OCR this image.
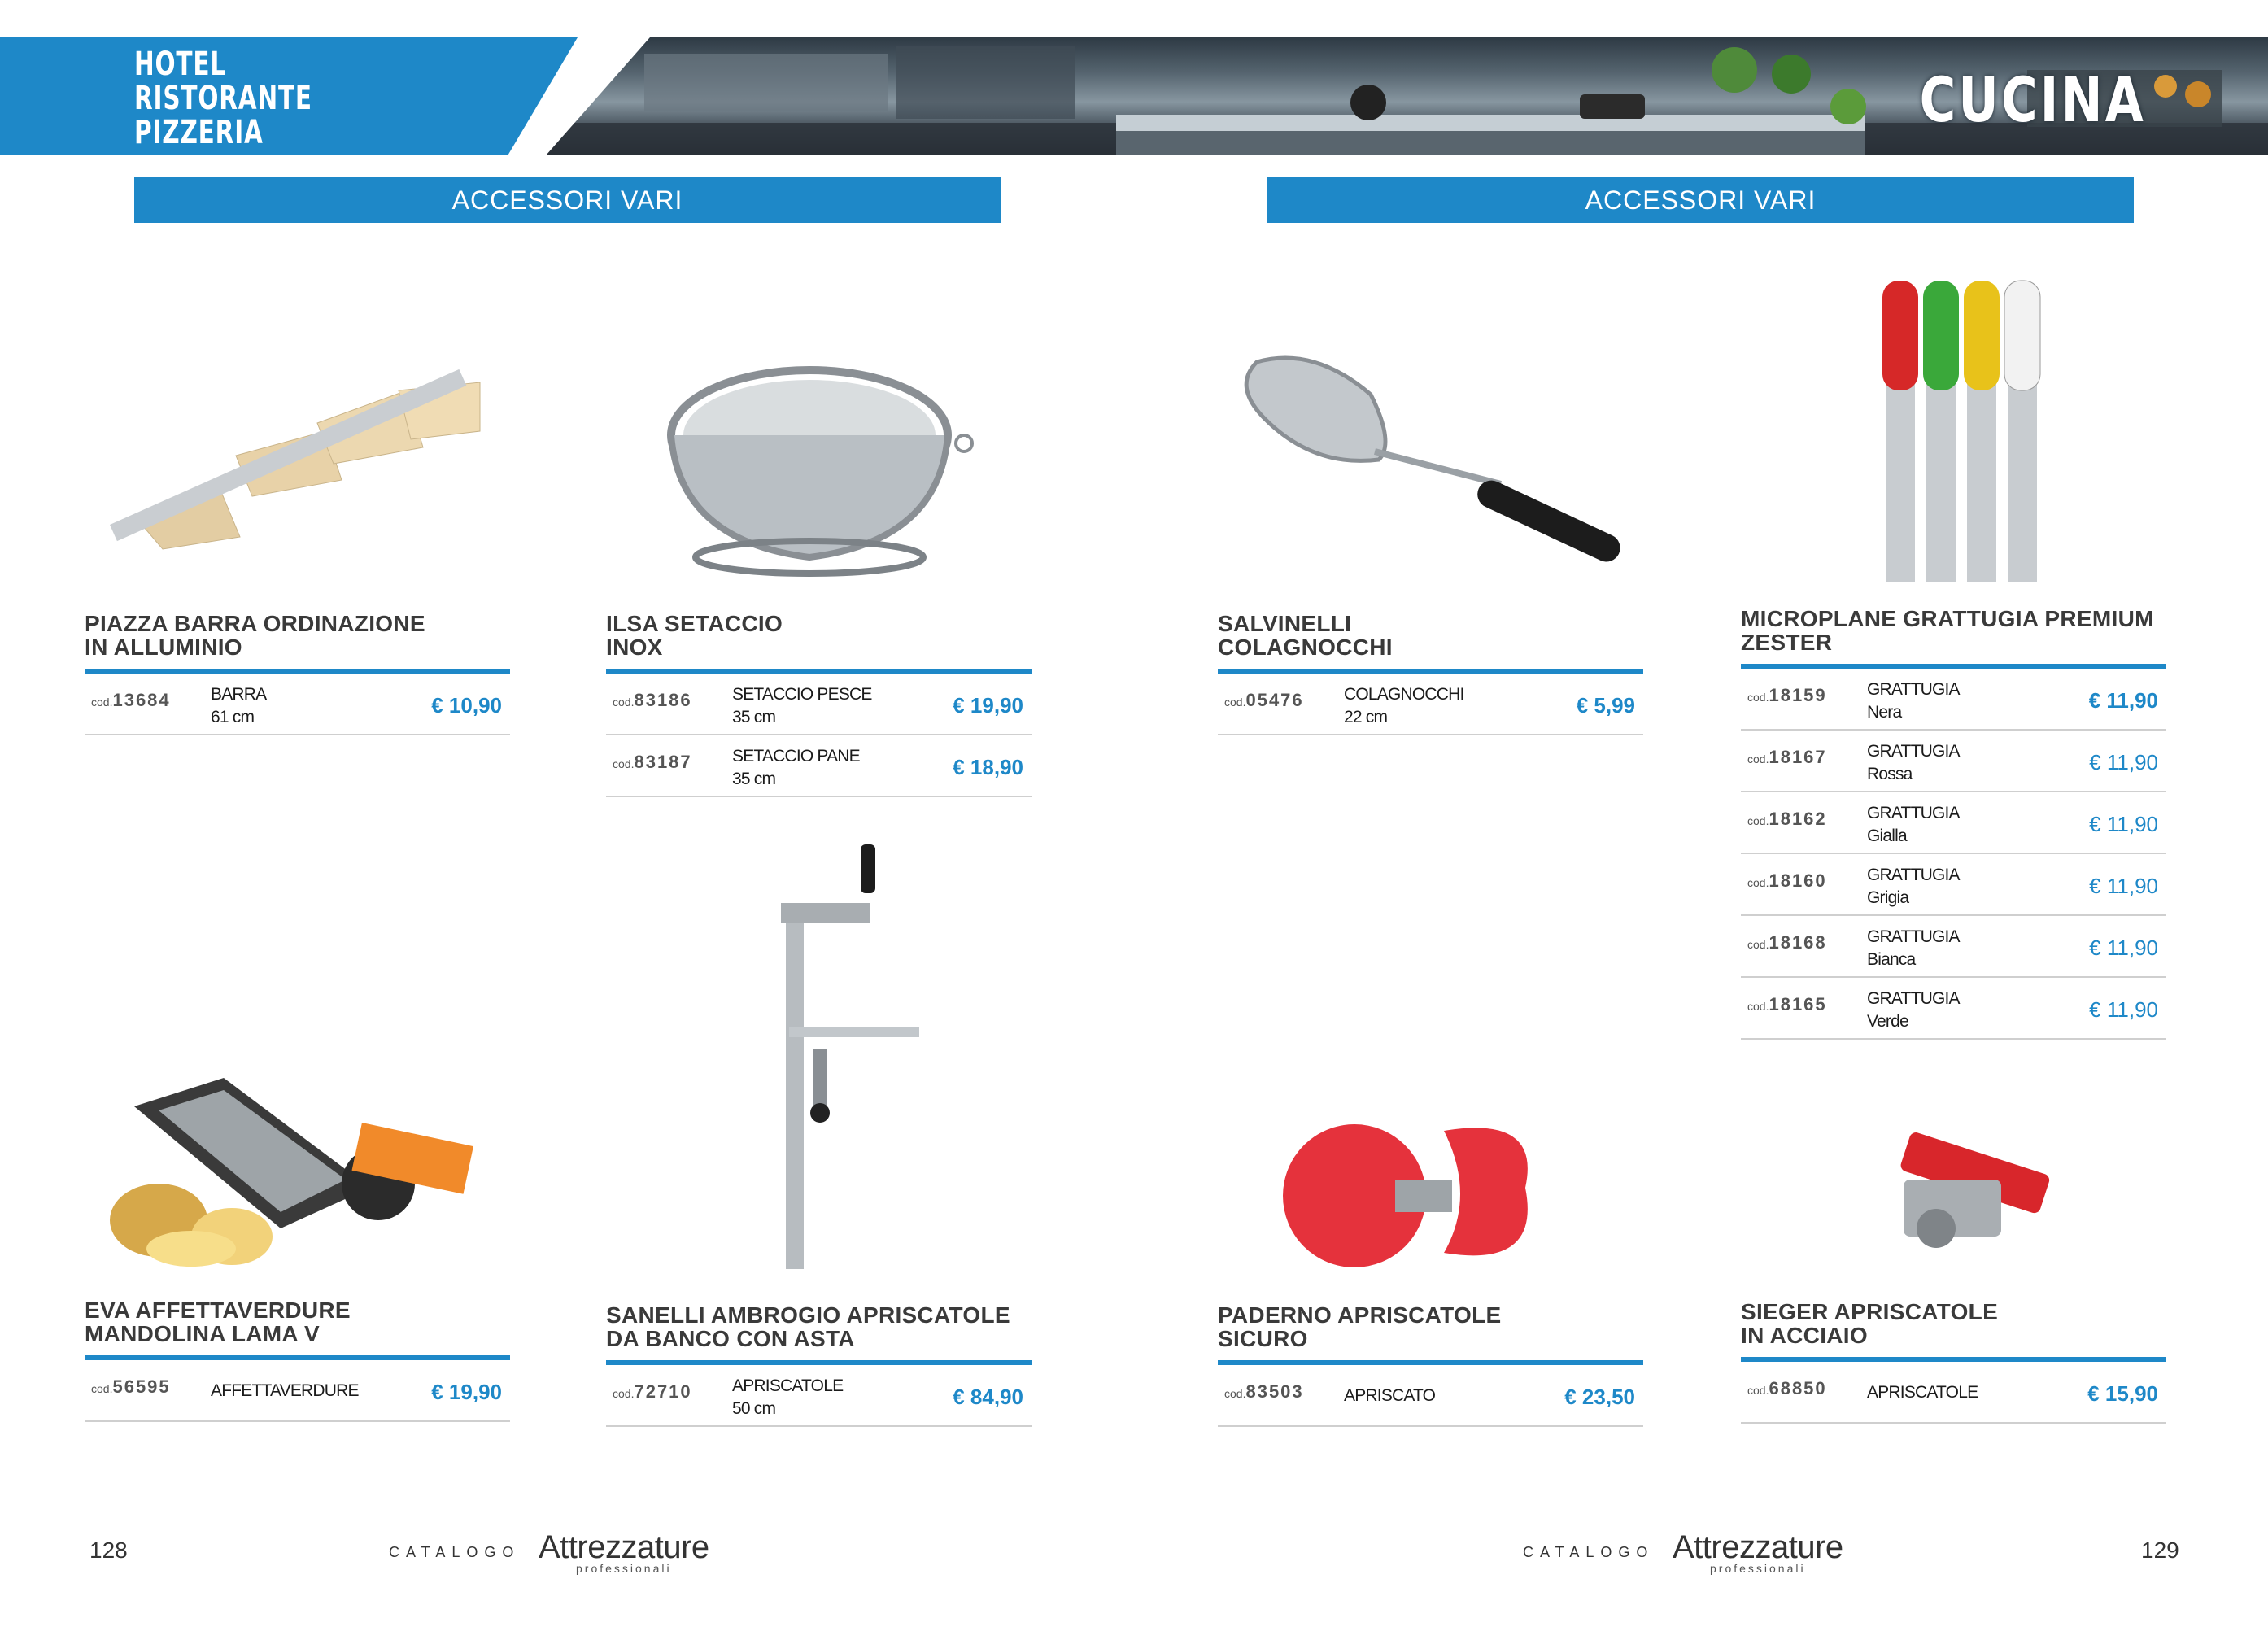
HOTEL
RISTORANTE
PIZZERIA	CUCINA
ACCESSORI VARI	ACCESSORI VARI
PIAZZA BARRA ORDINAZIONE
IN ALLUMINIO
cod.13684 BARRA
61 cm	€ 10,90
ILSA SETACCIO
INOX
cod.83186 SETACCIO PESCE
35 cm	€ 19,90
cod.83187 SETACCIO PANE
35 cm	€ 18,90
SALVINELLI
COLAGNOCCHI
cod.05476 COLAGNOCCHI
22 cm	€ 5,99
MICROPLANE GRATTUGIA PREMIUM
ZESTER
cod.18159 GRATTUGIA
Nera	€ 11,90
cod.18167 GRATTUGIA
Rossa	€ 11,90
cod.18162 GRATTUGIA
Gialla	€ 11,90
cod.18160 GRATTUGIA
Grigia	€ 11,90
cod.18168 GRATTUGIA
Bianca	€ 11,90
cod.18165 GRATTUGIA
Verde	€ 11,90
EVA AFFETTAVERDURE
MANDOLINA LAMA V
cod.56595 AFFETTAVERDURE	€ 19,90
SANELLI AMBROGIO APRISCATOLE
DA BANCO CON ASTA
cod.72710 APRISCATOLE
50 cm	€ 84,90
PADERNO APRISCATOLE
SICURO
cod.83503 APRISCATO	€ 23,50
SIEGER APRISCATOLE
IN ACCIAIO
cod.68850 APRISCATOLE	€ 15,90
128	CATALOGO Attrezzature
professionali
CATALOGO Attrezzature
professionali
129
